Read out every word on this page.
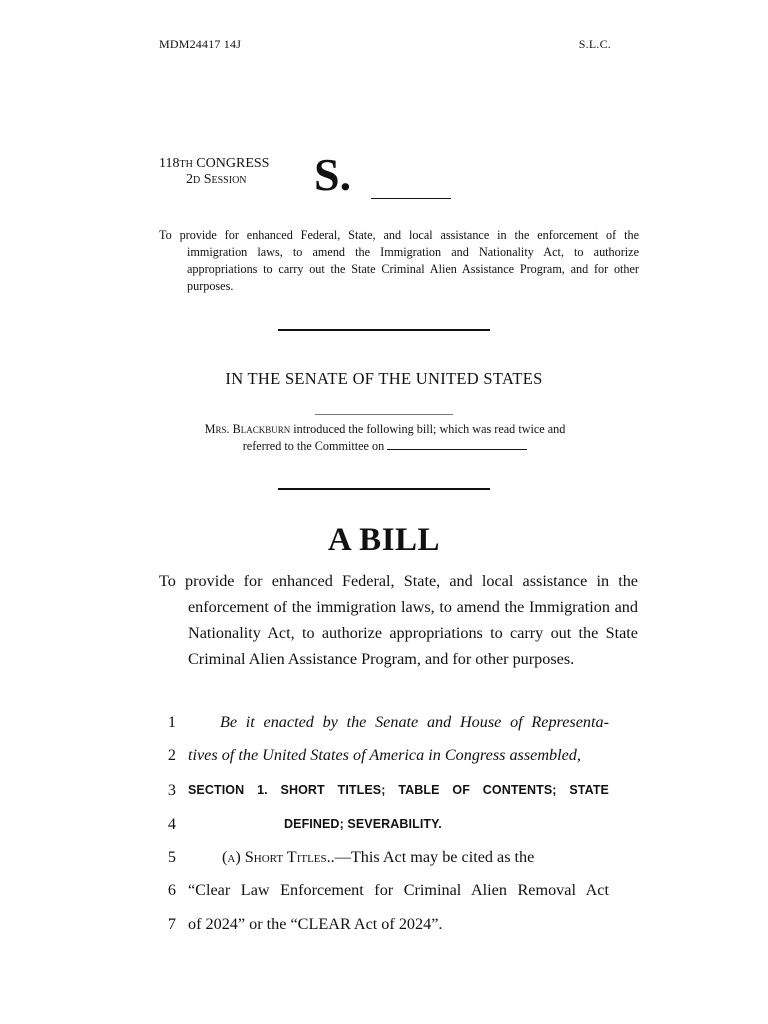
MDM24417 14J	S.L.C.
118th CONGRESS
2d Session	S.
To provide for enhanced Federal, State, and local assistance in the enforcement of the immigration laws, to amend the Immigration and Nationality Act, to authorize appropriations to carry out the State Criminal Alien Assistance Program, and for other purposes.
IN THE SENATE OF THE UNITED STATES
Mrs. Blackburn introduced the following bill; which was read twice and
referred to the Committee on
A BILL
To provide for enhanced Federal, State, and local assistance in the enforcement of the immigration laws, to amend the Immigration and Nationality Act, to authorize appropriations to carry out the State Criminal Alien Assistance Program, and for other purposes.
1	Be it enacted by the Senate and House of Representa-
2 tives of the United States of America in Congress assembled,
3 SECTION 1. SHORT TITLES; TABLE OF CONTENTS; STATE
4	DEFINED; SEVERABILITY.
5	(a) Short Titles..—This Act may be cited as the
6 “Clear Law Enforcement for Criminal Alien Removal Act
7 of 2024” or the “CLEAR Act of 2024”.
